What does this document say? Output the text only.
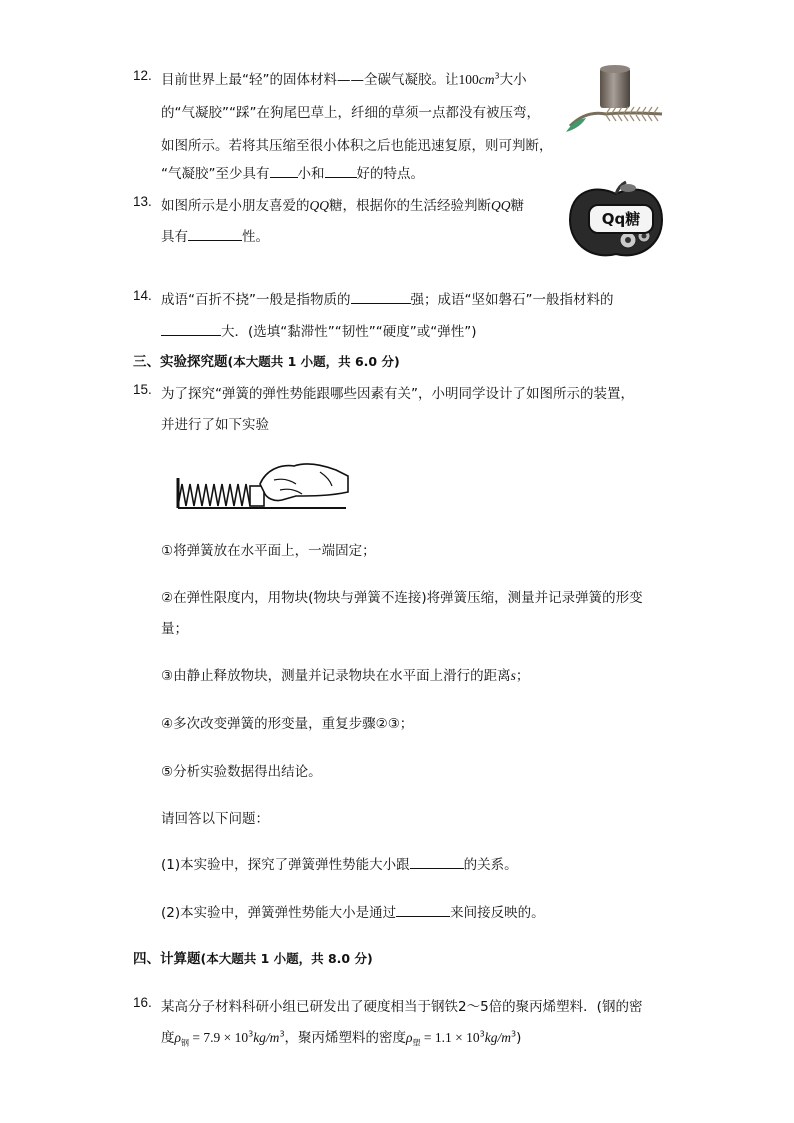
12. 目前世界上最“轻”的固体材料——全碳气凝胶。让$100cm^3$大小
的“气凝胶”“踩”在狗尾巴草上，纤细的草须一点都没有被压弯，
如图所示。若将其压缩至很小体积之后也能迅速复原，则可判断，
“气凝胶”至少具有 小和 好的特点。
13. 如图所示是小朋友喜爱的QQ糖，根据你的生活经验判断QQ糖
具有	性。
Qq糖
14. 成语“百折不挠”一般是指物质的	强；成语“坚如磐石”一般指材料的
大．(选填“黏滞性”“韧性”“硬度”或“弹性”)
三、实验探究题(本大题共 1 小题，共 6.0 分)
15. 为了探究“弹簧的弹性势能跟哪些因素有关”，小明同学设计了如图所示的装置，
并进行了如下实验
①将弹簧放在水平面上，一端固定；
②在弹性限度内，用物块(物块与弹簧不连接)将弹簧压缩，测量并记录弹簧的形变
量；
③由静止释放物块，测量并记录物块在水平面上滑行的距离s；
④多次改变弹簧的形变量，重复步骤②③；
⑤分析实验数据得出结论。
请回答以下问题：
(1)本实验中，探究了弹簧弹性势能大小跟	的关系。
(2)本实验中，弹簧弹性势能大小是通过	来间接反映的。
四、计算题(本大题共 1 小题，共 8.0 分)
16. 某高分子材料科研小组已研发出了硬度相当于钢铁2～5倍的聚丙烯塑料．(钢的密
度$\rho_钢 = 7.9 \times 10^3kg/m^3$，聚丙烯塑料的密度$\rho_塑 = 1.1 \times 10^3kg/m^3$)
